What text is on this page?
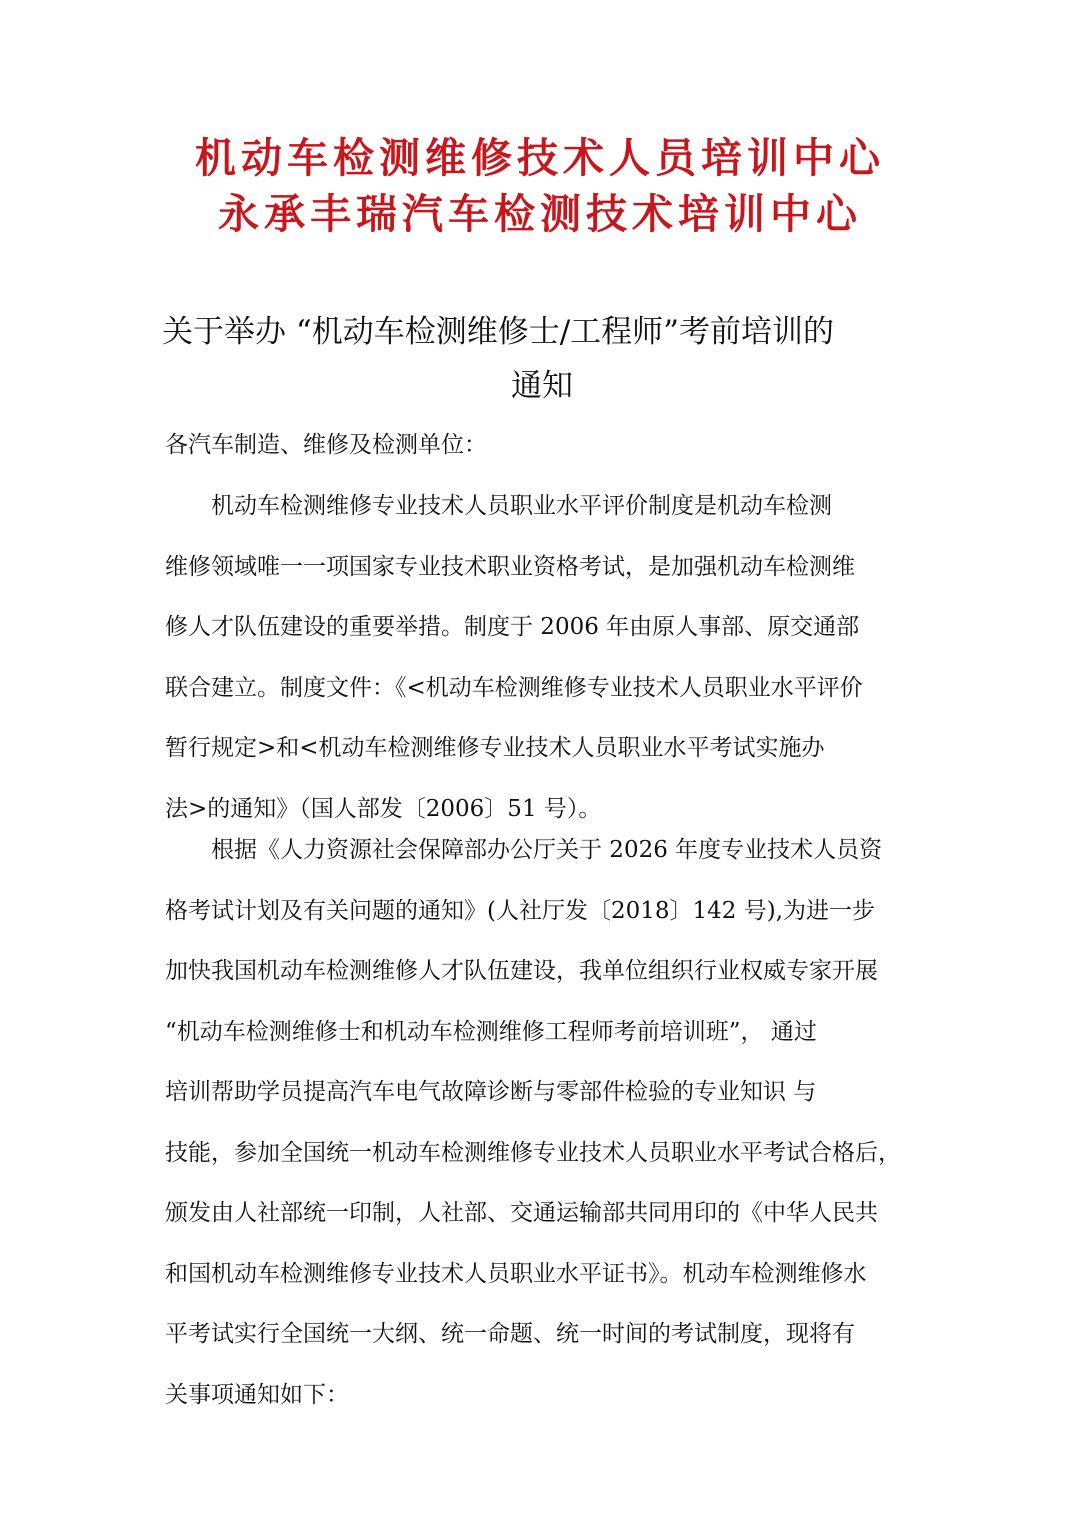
机动车检测维修技术人员培训中心
永承丰瑞汽车检测技术培训中心
关于举办 “机动车检测维修士/工程师”考前培训的
通知
各汽车制造、维修及检测单位：
机动车检测维修专业技术人员职业水平评价制度是机动车检测
维修领域唯一一项国家专业技术职业资格考试，是加强机动车检测维
修人才队伍建设的重要举措。制度于 2006 年由原人事部、原交通部
联合建立。制度文件：《<机动车检测维修专业技术人员职业水平评价
暂行规定>和<机动车检测维修专业技术人员职业水平考试实施办
法>的通知》（国人部发〔2006〕51 号）。
根据《人力资源社会保障部办公厅关于 2026 年度专业技术人员资
格考试计划及有关问题的通知》(人社厅发〔2018〕142 号),为进一步
加快我国机动车检测维修人才队伍建设，我单位组织行业权威专家开展
“机动车检测维修士和机动车检测维修工程师考前培训班”， 通过
培训帮助学员提高汽车电气故障诊断与零部件检验的专业知识 与
技能，参加全国统一机动车检测维修专业技术人员职业水平考试合格后，
颁发由人社部统一印制，人社部、交通运输部共同用印的《中华人民共
和国机动车检测维修专业技术人员职业水平证书》。机动车检测维修水
平考试实行全国统一大纲、统一命题、统一时间的考试制度，现将有
关事项通知如下：
